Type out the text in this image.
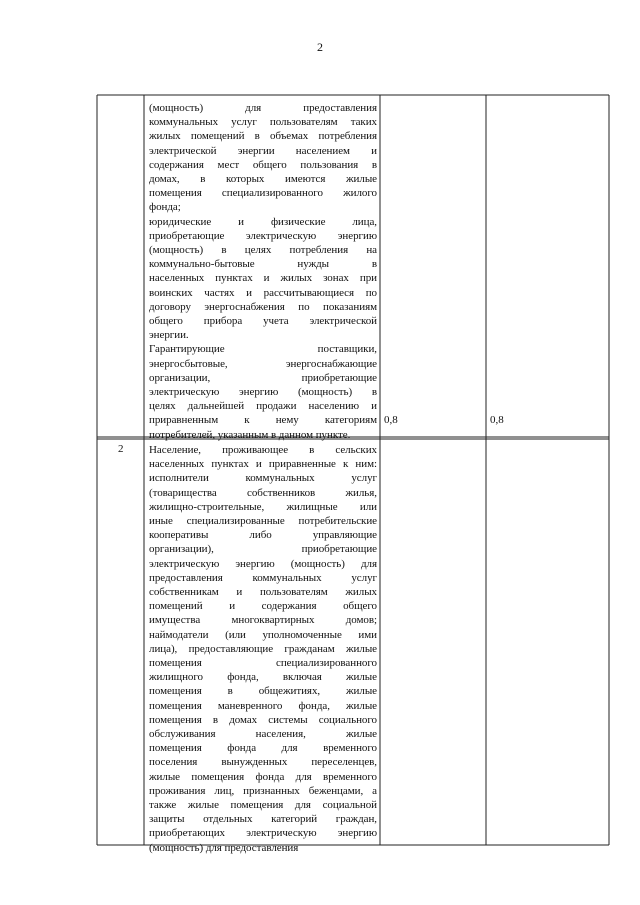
2
(мощность) для предоставления
коммунальных услуг пользователям таких
жилых помещений в объемах потребления
электрической энергии населением и
содержания мест общего пользования в
домах, в которых имеются жилые
помещения специализированного жилого
фонда;
юридические и физические лица,
приобретающие электрическую энергию
(мощность) в целях потребления на
коммунально-бытовые нужды в
населенных пунктах и жилых зонах при
воинских частях и рассчитывающиеся по
договору энергоснабжения по показаниям
общего прибора учета электрической
энергии.
Гарантирующие поставщики,
энергосбытовые, энергоснабжающие
организации, приобретающие
электрическую энергию (мощность) в
целях дальнейшей продажи населению и
приравненным к нему категориям
потребителей, указанным в данном пункте.
0,8	0,8
2 Население, проживающее в сельских
населенных пунктах и приравненные к ним:
исполнители коммунальных услуг
(товарищества собственников жилья,
жилищно-строительные, жилищные или
иные специализированные потребительские
кооперативы либо управляющие
организации), приобретающие
электрическую энергию (мощность) для
предоставления коммунальных услуг
собственникам и пользователям жилых
помещений и содержания общего
имущества многоквартирных домов;
наймодатели (или уполномоченные ими
лица), предоставляющие гражданам жилые
помещения специализированного
жилищного фонда, включая жилые
помещения в общежитиях, жилые
помещения маневренного фонда, жилые
помещения в домах системы социального
обслуживания населения, жилые
помещения фонда для временного
поселения вынужденных переселенцев,
жилые помещения фонда для временного
проживания лиц, признанных беженцами, а
также жилые помещения для социальной
защиты отдельных категорий граждан,
приобретающих электрическую энергию
(мощность) для предоставления
